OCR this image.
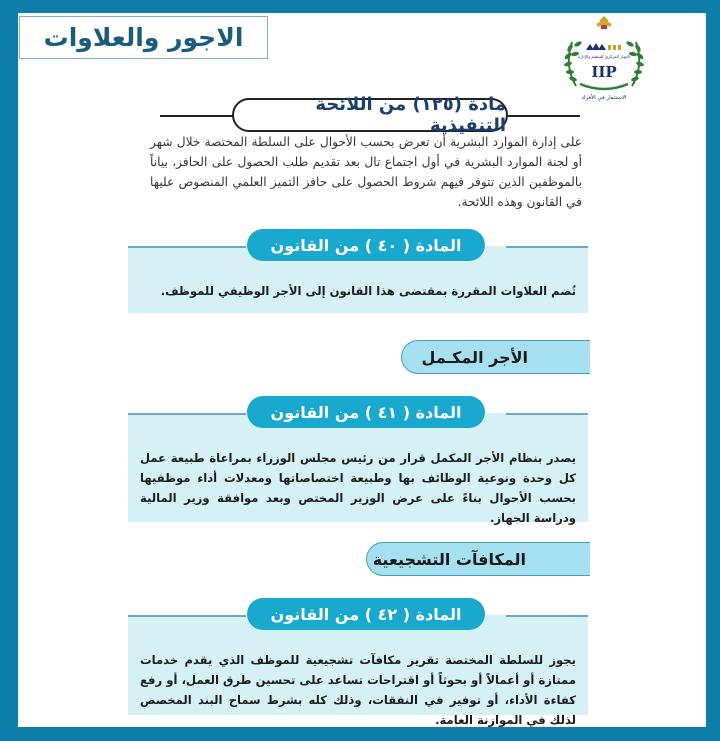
الاجور والعلاوات
الجهاز المركزي للتنظيم والإدارة
IIP
الاستثمار في الأفراد
مادة (١٢٥) من اللائحة التنفيذية
على إدارة الموارد البشرية أن تعرض بحسب الأحوال على السلطة المختصة خلال شهر أو لجنة الموارد البشرية في أول اجتماع تال بعد تقديم طلب الحصول على الحافز، بياناً بالموظفين الذين تتوفر فيهم شروط الحصول على حافز التميز العلمي المنصوص عليها في القانون وهذه اللائحة.
المادة ( ٤٠ ) من القانون
تُضم العلاوات المقررة بمقتضى هذا القانون إلى الأجر الوظيفي للموظف.
الأجر المكـمل
المادة ( ٤١ ) من القانون
يصدر بنظام الأجر المكمل قرار من رئيس مجلس الوزراء بمراعاة طبيعة عمل كل وحدة ونوعية الوظائف بها وطبيعة اختصاصاتها ومعدلات أداء موظفيها بحسب الأحوال بناءً على عرض الوزير المختص وبعد موافقة وزير المالية ودراسة الجهاز.
المكافآت التشجيعية
المادة ( ٤٢ ) من القانون
يجوز للسلطة المختصة تقرير مكافآت تشجيعية للموظف الذي يقدم خدمات ممتازة أو أعمالاً أو بحوثاً أو اقتراحات تساعد على تحسين طرق العمل، أو رفع كفاءة الأداء، أو توفير في النفقات، وذلك كله بشرط سماح البند المخصص لذلك في الموازنة العامة.
